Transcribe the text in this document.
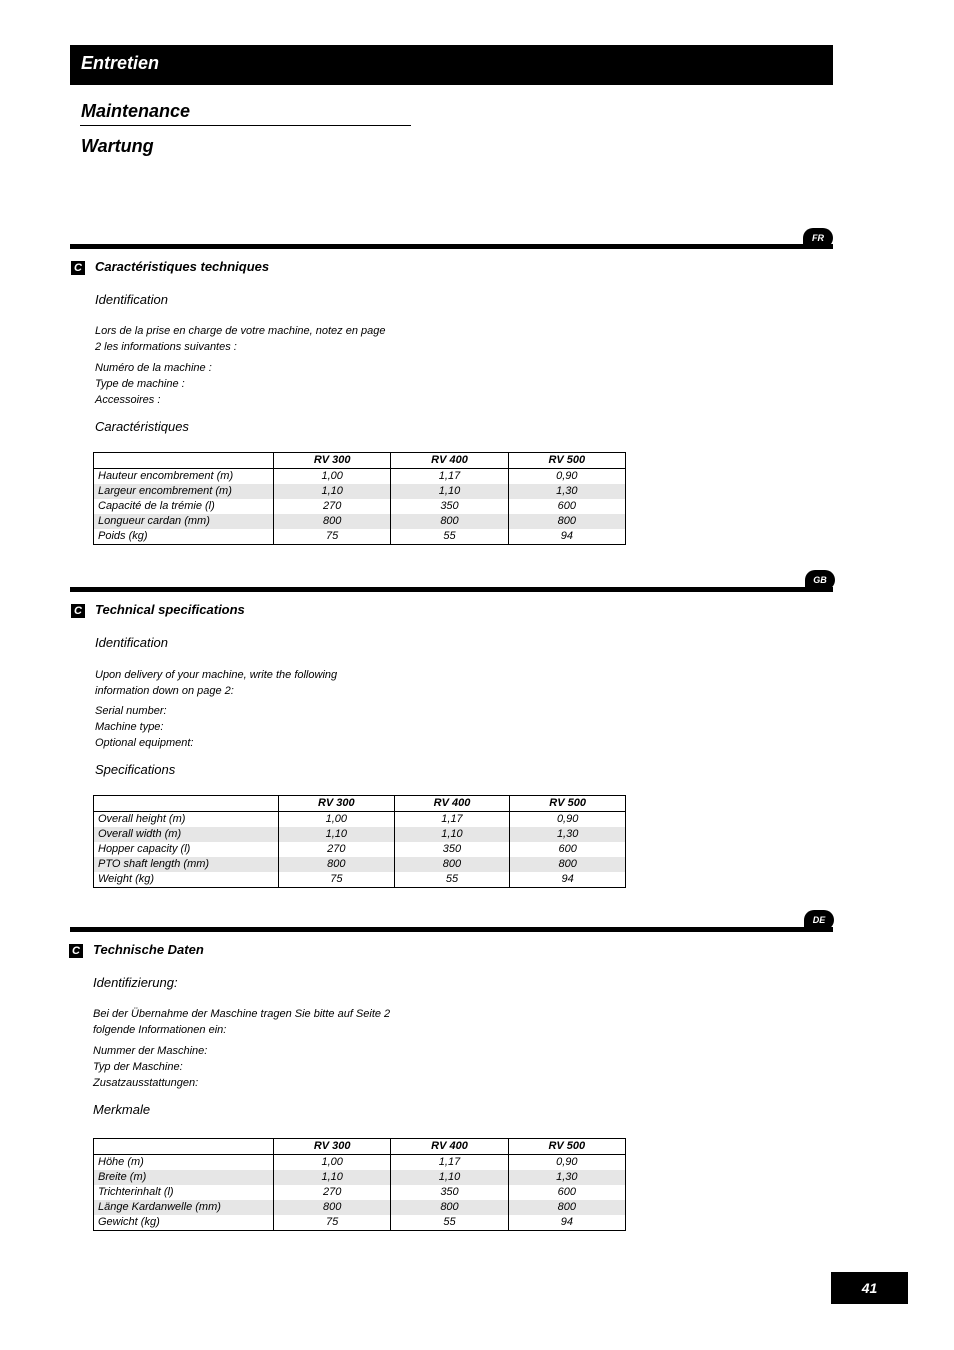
Entretien
Maintenance
Wartung
FR
C Caractéristiques techniques
Identification
Lors de la prise en charge de votre machine, notez en page
2 les informations suivantes :
Numéro de la machine :
Type de machine :
Accessoires :
Caractéristiques
	RV 300	RV 400	RV 500
Hauteur encombrement (m)	1,00	1,17	0,90
Largeur encombrement (m)	1,10	1,10	1,30
Capacité de la trémie (l)	270	350	600
Longueur cardan (mm)	800	800	800
Poids (kg)	75	55	94
GB
C Technical specifications
Identification
Upon delivery of your machine, write the following
information down on page 2:
Serial number:
Machine type:
Optional equipment:
Specifications
	RV 300	RV 400	RV 500
Overall height (m)	1,00	1,17	0,90
Overall width (m)	1,10	1,10	1,30
Hopper capacity (l)	270	350	600
PTO shaft length (mm)	800	800	800
Weight (kg)	75	55	94
DE
C Technische Daten
Identifizierung:
Bei der Übernahme der Maschine tragen Sie bitte auf Seite 2
folgende Informationen ein:
Nummer der Maschine:
Typ der Maschine:
Zusatzausstattungen:
Merkmale
	RV 300	RV 400	RV 500
Höhe (m)	1,00	1,17	0,90
Breite (m)	1,10	1,10	1,30
Trichterinhalt (l)	270	350	600
Länge Kardanwelle (mm)	800	800	800
Gewicht (kg)	75	55	94
41
